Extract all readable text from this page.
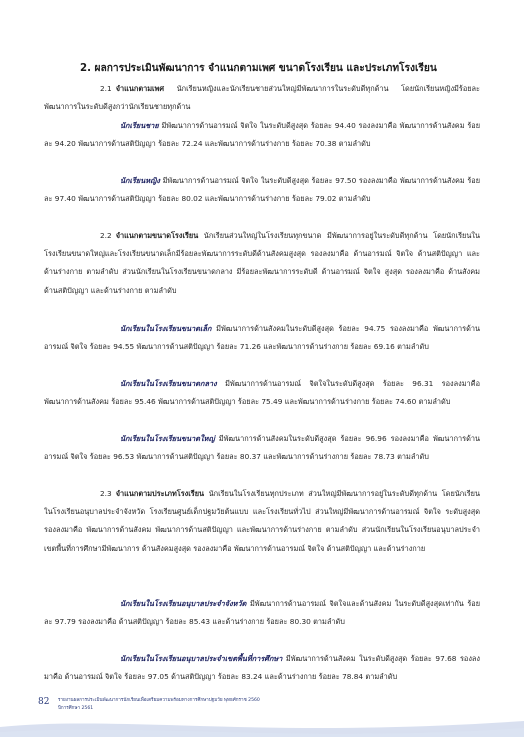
2. ผลการประเมินพัฒนาการ จำแนกตามเพศ ขนาดโรงเรียน และประเภทโรงเรียน
2.1 จำแนกตามเพศ นักเรียนหญิงและนักเรียนชายส่วนใหญ่มีพัฒนาการในระดับดีทุกด้าน โดยนักเรียนหญิงมีร้อยละพัฒนาการในระดับดีสูงกว่านักเรียนชายทุกด้าน
นักเรียนชาย มีพัฒนาการด้านอารมณ์ จิตใจ ในระดับดีสูงสุด ร้อยละ 94.40 รองลงมาคือ พัฒนาการด้านสังคม ร้อยละ 94.20 พัฒนาการด้านสติปัญญา ร้อยละ 72.24 และพัฒนาการด้านร่างกาย ร้อยละ 70.38 ตามลำดับ
นักเรียนหญิง มีพัฒนาการด้านอารมณ์ จิตใจ ในระดับดีสูงสุด ร้อยละ 97.50 รองลงมาคือ พัฒนาการด้านสังคม ร้อยละ 97.40 พัฒนาการด้านสติปัญญา ร้อยละ 80.02 และพัฒนาการด้านร่างกาย ร้อยละ 79.02 ตามลำดับ
2.2 จำแนกตามขนาดโรงเรียน นักเรียนส่วนใหญ่ในโรงเรียนทุกขนาด มีพัฒนาการอยู่ในระดับดีทุกด้าน โดยนักเรียนในโรงเรียนขนาดใหญ่และโรงเรียนขนาดเล็กมีร้อยละพัฒนาการระดับดีด้านสังคมสูงสุด รองลงมาคือ ด้านอารมณ์ จิตใจ ด้านสติปัญญา และด้านร่างกาย ตามลำดับ ส่วนนักเรียนในโรงเรียนขนาดกลาง มีร้อยละพัฒนาการระดับดี ด้านอารมณ์ จิตใจ สูงสุด รองลงมาคือ ด้านสังคม ด้านสติปัญญา และด้านร่างกาย ตามลำดับ
นักเรียนในโรงเรียนขนาดเล็ก มีพัฒนาการด้านสังคมในระดับดีสูงสุด ร้อยละ 94.75 รองลงมาคือ พัฒนาการด้านอารมณ์ จิตใจ ร้อยละ 94.55 พัฒนาการด้านสติปัญญา ร้อยละ 71.26 และพัฒนาการด้านร่างกาย ร้อยละ 69.16 ตามลำดับ
นักเรียนในโรงเรียนขนาดกลาง มีพัฒนาการด้านอารมณ์ จิตใจในระดับดีสูงสุด ร้อยละ 96.31 รองลงมาคือ พัฒนาการด้านสังคม ร้อยละ 95.46 พัฒนาการด้านสติปัญญา ร้อยละ 75.49 และพัฒนาการด้านร่างกาย ร้อยละ 74.60 ตามลำดับ
นักเรียนในโรงเรียนขนาดใหญ่ มีพัฒนาการด้านสังคมในระดับดีสูงสุด ร้อยละ 96.96 รองลงมาคือ พัฒนาการด้านอารมณ์ จิตใจ ร้อยละ 96.53 พัฒนาการด้านสติปัญญา ร้อยละ 80.37 และพัฒนาการด้านร่างกาย ร้อยละ 78.73 ตามลำดับ
2.3 จำแนกตามประเภทโรงเรียน นักเรียนในโรงเรียนทุกประเภท ส่วนใหญ่มีพัฒนาการอยู่ในระดับดีทุกด้าน โดยนักเรียนในโรงเรียนอนุบาลประจำจังหวัด โรงเรียนศูนย์เด็กปฐมวัยต้นแบบ และโรงเรียนทั่วไป ส่วนใหญ่มีพัฒนาการด้านอารมณ์ จิตใจ ระดับสูงสุด รองลงมาคือ พัฒนาการด้านสังคม พัฒนาการด้านสติปัญญา และพัฒนาการด้านร่างกาย ตามลำดับ ส่วนนักเรียนในโรงเรียนอนุบาลประจำเขตพื้นที่การศึกษามีพัฒนาการ ด้านสังคมสูงสุด รองลงมาคือ พัฒนาการด้านอารมณ์ จิตใจ ด้านสติปัญญา และด้านร่างกาย
นักเรียนในโรงเรียนอนุบาลประจำจังหวัด มีพัฒนาการด้านอารมณ์ จิตใจและด้านสังคม ในระดับดีสูงสุดเท่ากัน ร้อยละ 97.79 รองลงมาคือ ด้านสติปัญญา ร้อยละ 85.43 และด้านร่างกาย ร้อยละ 80.30 ตามลำดับ
นักเรียนในโรงเรียนอนุบาลประจำเขตพื้นที่การศึกษา มีพัฒนาการด้านสังคม ในระดับดีสูงสุด ร้อยละ 97.68 รองลงมาคือ ด้านอารมณ์ จิตใจ ร้อยละ 97.05 ด้านสติปัญญา ร้อยละ 83.24 และด้านร่างกาย ร้อยละ 78.84 ตามลำดับ
82 รายงานผลการประเมินพัฒนาการนักเรียนเพื่อเตรียมความพร้อมทางการศึกษาปฐมวัย พุทธศักราช 2560
ปีการศึกษา 2561
